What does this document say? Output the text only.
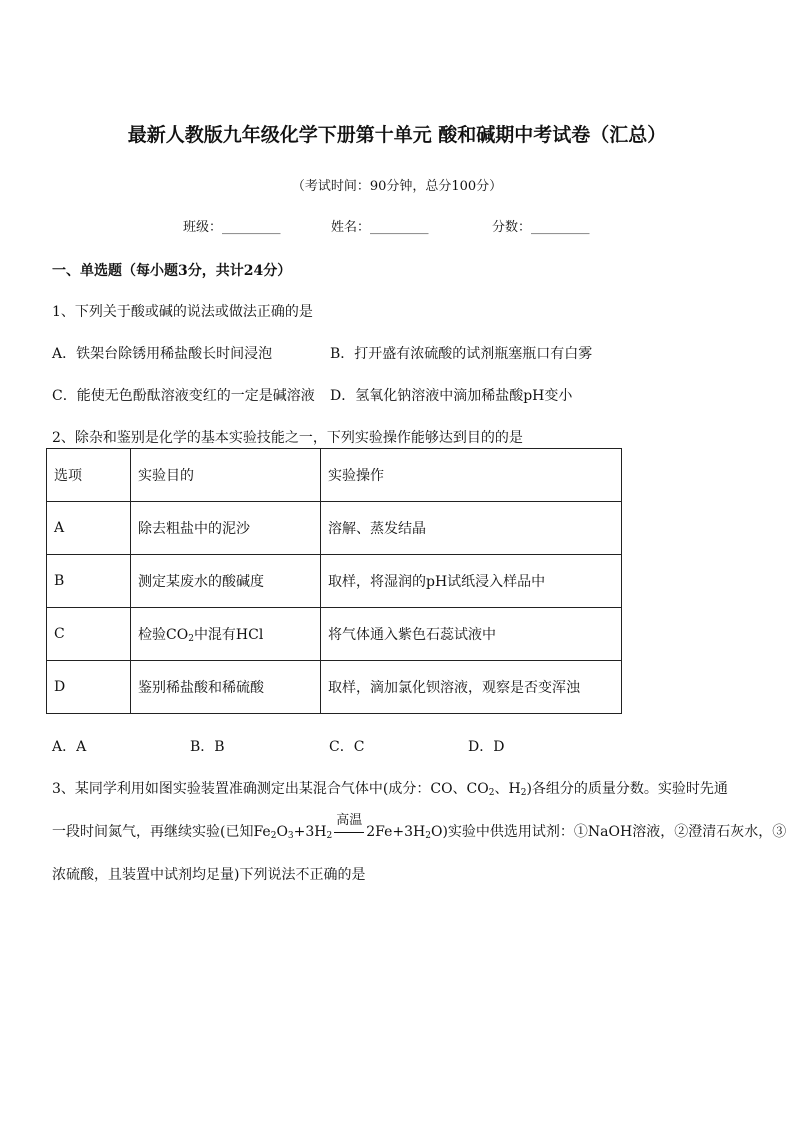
最新人教版九年级化学下册第十单元 酸和碱期中考试卷（汇总）
（考试时间：90分钟，总分100分）
班级：_________	姓名：_________	分数：_________
一、单选题（每小题3分，共计24分）
1、下列关于酸或碱的说法或做法正确的是
A．铁架台除锈用稀盐酸长时间浸泡	B．打开盛有浓硫酸的试剂瓶塞瓶口有白雾
C．能使无色酚酞溶液变红的一定是碱溶液 D．氢氧化钠溶液中滴加稀盐酸pH变小
2、除杂和鉴别是化学的基本实验技能之一，下列实验操作能够达到目的的是
选项	实验目的	实验操作
A	除去粗盐中的泥沙	溶解、蒸发结晶
B	测定某废水的酸碱度	取样，将湿润的pH试纸浸入样品中
C	检验$CO_2$中混有HCl	将气体通入紫色石蕊试液中
D	鉴别稀盐酸和稀硫酸	取样，滴加氯化钡溶液，观察是否变浑浊
A．A	B．B	C．C	D．D
3、某同学利用如图实验装置准确测定出某混合气体中(成分：CO、$CO_2$、$H_2$)各组分的质量分数。实验时先通
一段时间氮气，再继续实验(已知$Fe_2O_3+3H_2$
高温
$2Fe+3H_2O$)实验中供选用试剂：①NaOH溶液，②澄清石灰水，③
浓硫酸，且装置中试剂均足量)下列说法不正确的是
